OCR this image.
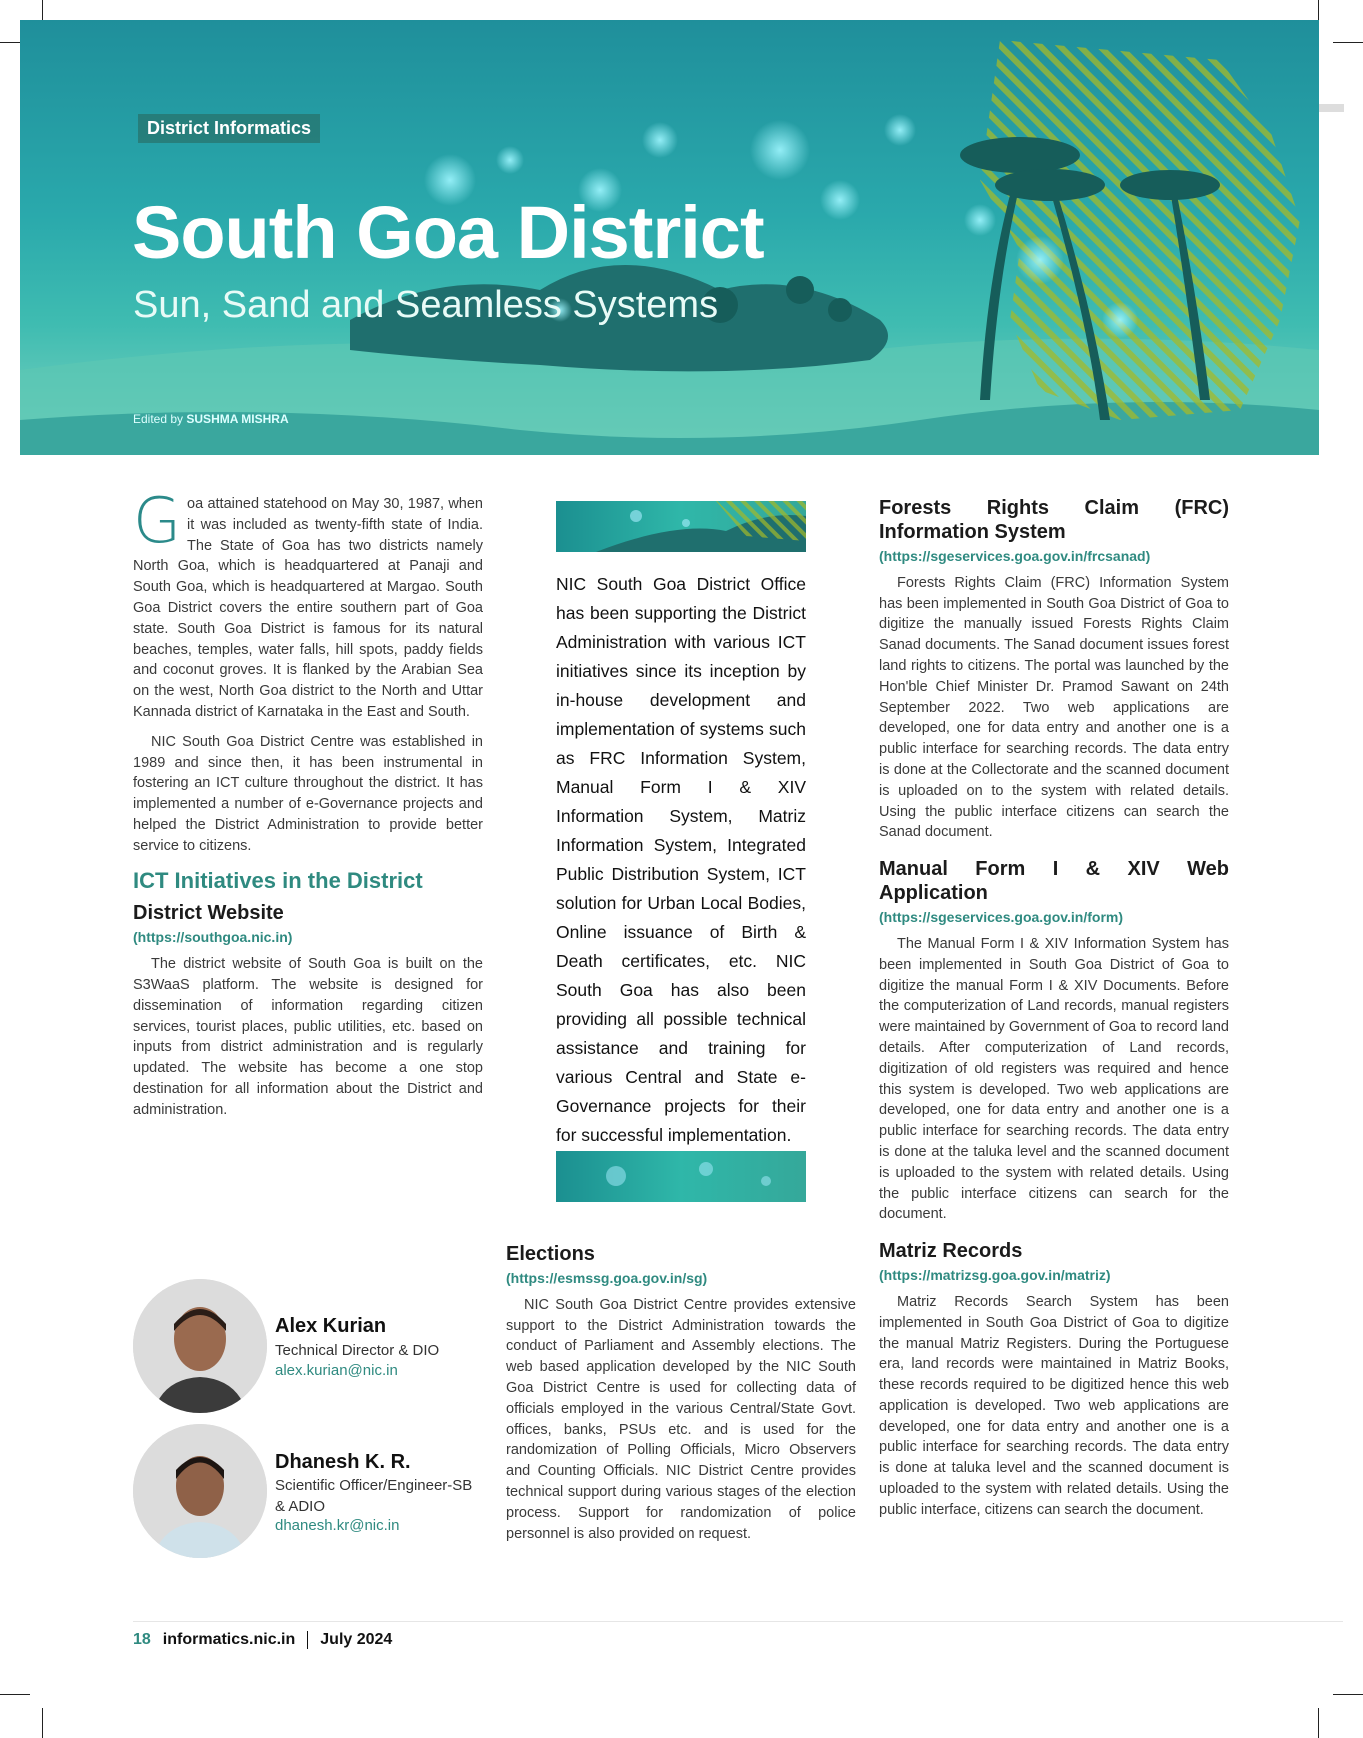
District Informatics
South Goa District
Sun, Sand and Seamless Systems
Edited by SUSHMA MISHRA

Goa attained statehood on May 30, 1987, when it was included as twenty-fifth state of India. The State of Goa has two districts namely North Goa, which is headquartered at Panaji and South Goa, which is headquartered at Margao. South Goa District covers the entire southern part of Goa state. South Goa District is famous for its natural beaches, temples, water falls, hill spots, paddy fields and coconut groves. It is flanked by the Arabian Sea on the west, North Goa district to the North and Uttar Kannada district of Karnataka in the East and South.

NIC South Goa District Centre was established in 1989 and since then, it has been instrumental in fostering an ICT culture throughout the district. It has implemented a number of e-Governance projects and helped the District Administration to provide better service to citizens.

ICT Initiatives in the District
District Website
(https://southgoa.nic.in)

The district website of South Goa is built on the S3WaaS platform. The website is designed for dissemination of information regarding citizen services, tourist places, public utilities, etc. based on inputs from district administration and is regularly updated. The website has become a one stop destination for all information about the District and administration.

NIC South Goa District Office has been supporting the District Administration with various ICT initiatives since its inception by in-house development and implementation of systems such as FRC Information System, Manual Form I & XIV Information System, Matriz Information System, Integrated Public Distribution System, ICT solution for Urban Local Bodies, Online issuance of Birth & Death certificates, etc. NIC South Goa has also been providing all possible technical assistance and training for various Central and State e-Governance projects for their for successful implementation.

Elections
(https://esmssg.goa.gov.in/sg)

NIC South Goa District Centre provides extensive support to the District Administration towards the conduct of Parliament and Assembly elections. The web based application developed by the NIC South Goa District Centre is used for collecting data of officials employed in the various Central/State Govt. offices, banks, PSUs etc. and is used for the randomization of Polling Officials, Micro Observers and Counting Officials. NIC District Centre provides technical support during various stages of the election process. Support for randomization of police personnel is also provided on request.

Forests Rights Claim (FRC) Information System
(https://sgeservices.goa.gov.in/frcsanad)

Forests Rights Claim (FRC) Information System has been implemented in South Goa District of Goa to digitize the manually issued Forests Rights Claim Sanad documents. The Sanad document issues forest land rights to citizens. The portal was launched by the Hon'ble Chief Minister Dr. Pramod Sawant on 24th September 2022. Two web applications are developed, one for data entry and another one is a public interface for searching records. The data entry is done at the Collectorate and the scanned document is uploaded on to the system with related details. Using the public interface citizens can search the Sanad document.

Manual Form I & XIV Web Application
(https://sgeservices.goa.gov.in/form)

The Manual Form I & XIV Information System has been implemented in South Goa District of Goa to digitize the manual Form I & XIV Documents. Before the computerization of Land records, manual registers were maintained by Government of Goa to record land details. After computerization of Land records, digitization of old registers was required and hence this system is developed. Two web applications are developed, one for data entry and another one is a public interface for searching records. The data entry is done at the taluka level and the scanned document is uploaded to the system with related details. Using the public interface citizens can search for the document.

Matriz Records
(https://matrizsg.goa.gov.in/matriz)

Matriz Records Search System has been implemented in South Goa District of Goa to digitize the manual Matriz Registers. During the Portuguese era, land records were maintained in Matriz Books, these records required to be digitized hence this web application is developed. Two web applications are developed, one for data entry and another one is a public interface for searching records. The data entry is done at taluka level and the scanned document is uploaded to the system with related details. Using the public interface, citizens can search the document.

Alex Kurian
Technical Director & DIO
alex.kurian@nic.in
Dhanesh K. R.
Scientific Officer/Engineer-SB & ADIO
dhanesh.kr@nic.in
18 informatics.nic.in July 2024
